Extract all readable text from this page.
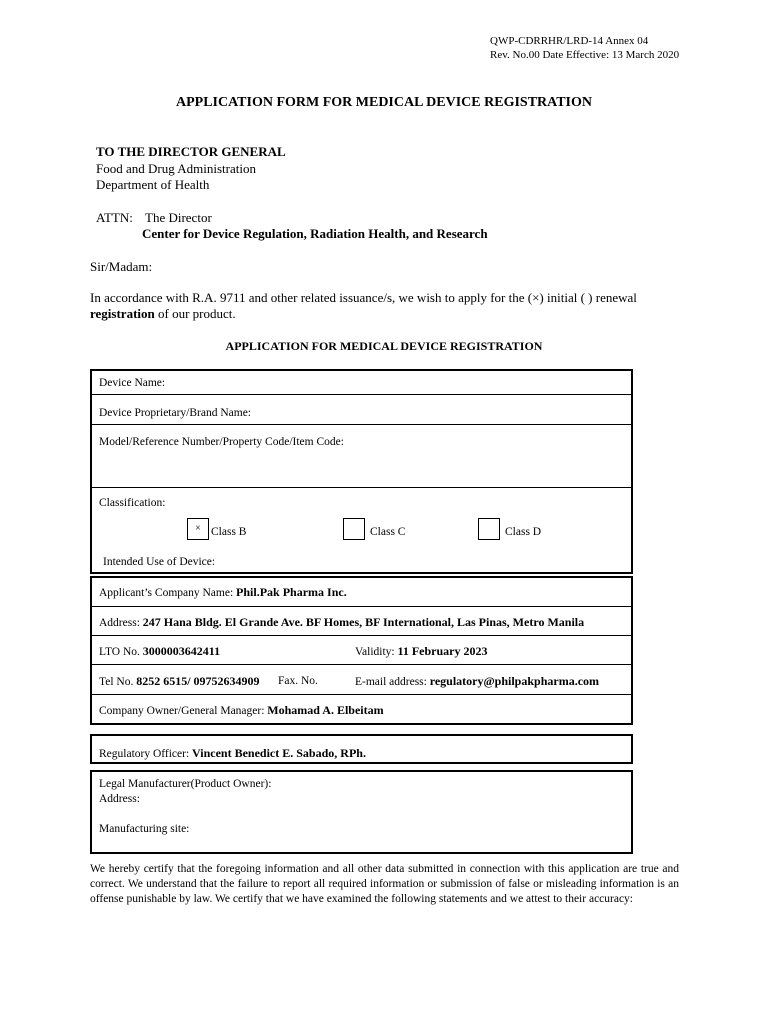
QWP-CDRRHR/LRD-14 Annex 04
Rev. No.00 Date Effective: 13 March 2020
APPLICATION FORM FOR MEDICAL DEVICE REGISTRATION
TO THE DIRECTOR GENERAL
Food and Drug Administration
Department of Health
ATTN: The Director
Center for Device Regulation, Radiation Health, and Research
Sir/Madam:
In accordance with R.A. 9711 and other related issuance/s, we wish to apply for the (×) initial ( ) renewal
registration of our product.
APPLICATION FOR MEDICAL DEVICE REGISTRATION
Device Name:
Device Proprietary/Brand Name:
Model/Reference Number/Property Code/Item Code:
Classification:
× Class B	Class C	Class D
Intended Use of Device:
Applicant’s Company Name: Phil.Pak Pharma Inc.
Address: 247 Hana Bldg. El Grande Ave. BF Homes, BF International, Las Pinas, Metro Manila
LTO No. 3000003642411	Validity: 11 February 2023
Tel No. 8252 6515/ 09752634909 Fax. No.	E-mail address: regulatory@philpakpharma.com
Company Owner/General Manager: Mohamad A. Elbeitam
Regulatory Officer: Vincent Benedict E. Sabado, RPh.
Legal Manufacturer(Product Owner):
Address:
Manufacturing site:
We hereby certify that the foregoing information and all other data submitted in connection with this application are true and correct. We understand that the failure to report all required information or submission of false or misleading information is an offense punishable by law. We certify that we have examined the following statements and we attest to their accuracy:
